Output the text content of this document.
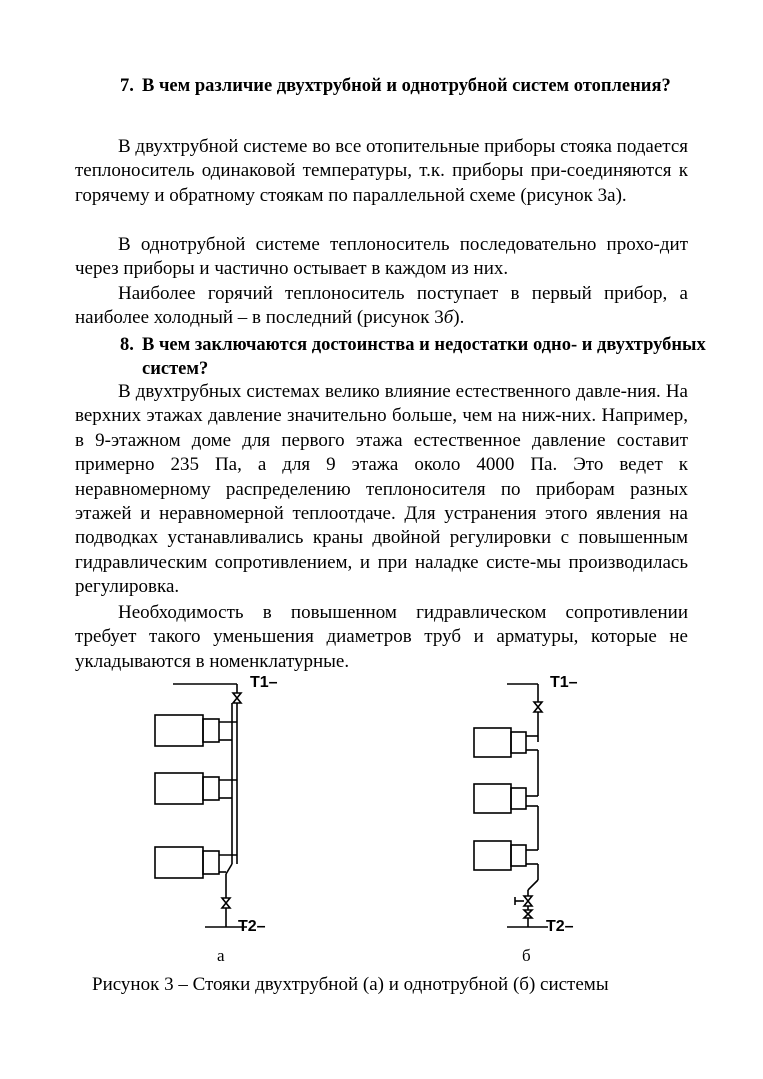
7. В чем различие двухтрубной и однотрубной систем отопления?

В двухтрубной системе во все отопительные приборы стояка подается теплоноситель одинаковой температуры, т.к. приборы при-соединяются к горячему и обратному стоякам по параллельной схеме (рисунок 3а).

В однотрубной системе теплоноситель последовательно прохо-дит через приборы и частично остывает в каждом из них.

Наиболее горячий теплоноситель поступает в первый прибор, а наиболее холодный – в последний (рисунок 3б).

8. В чем заключаются достоинства и недостатки одно- и двухтрубных систем?

В двухтрубных системах велико влияние естественного давле-ния. На верхних этажах давление значительно больше, чем на ниж-них. Например, в 9-этажном доме для первого этажа естественное давление составит примерно 235 Па, а для 9 этажа около 4000 Па. Это ведет к неравномерному распределению теплоносителя по приборам разных этажей и неравномерной теплоотдаче. Для устранения этого явления на подводках устанавливались краны двойной регулировки с повышенным гидравлическим сопротивлением, и при наладке систе-мы производилась регулировка.

Необходимость в повышенном гидравлическом сопротивлении требует такого уменьшения диаметров труб и арматуры, которые не укладываются в номенклатурные.

Т1–
Т2–
Т1–
Т2–
а	б
Рисунок 3 – Стояки двухтрубной (а) и однотрубной (б) системы
